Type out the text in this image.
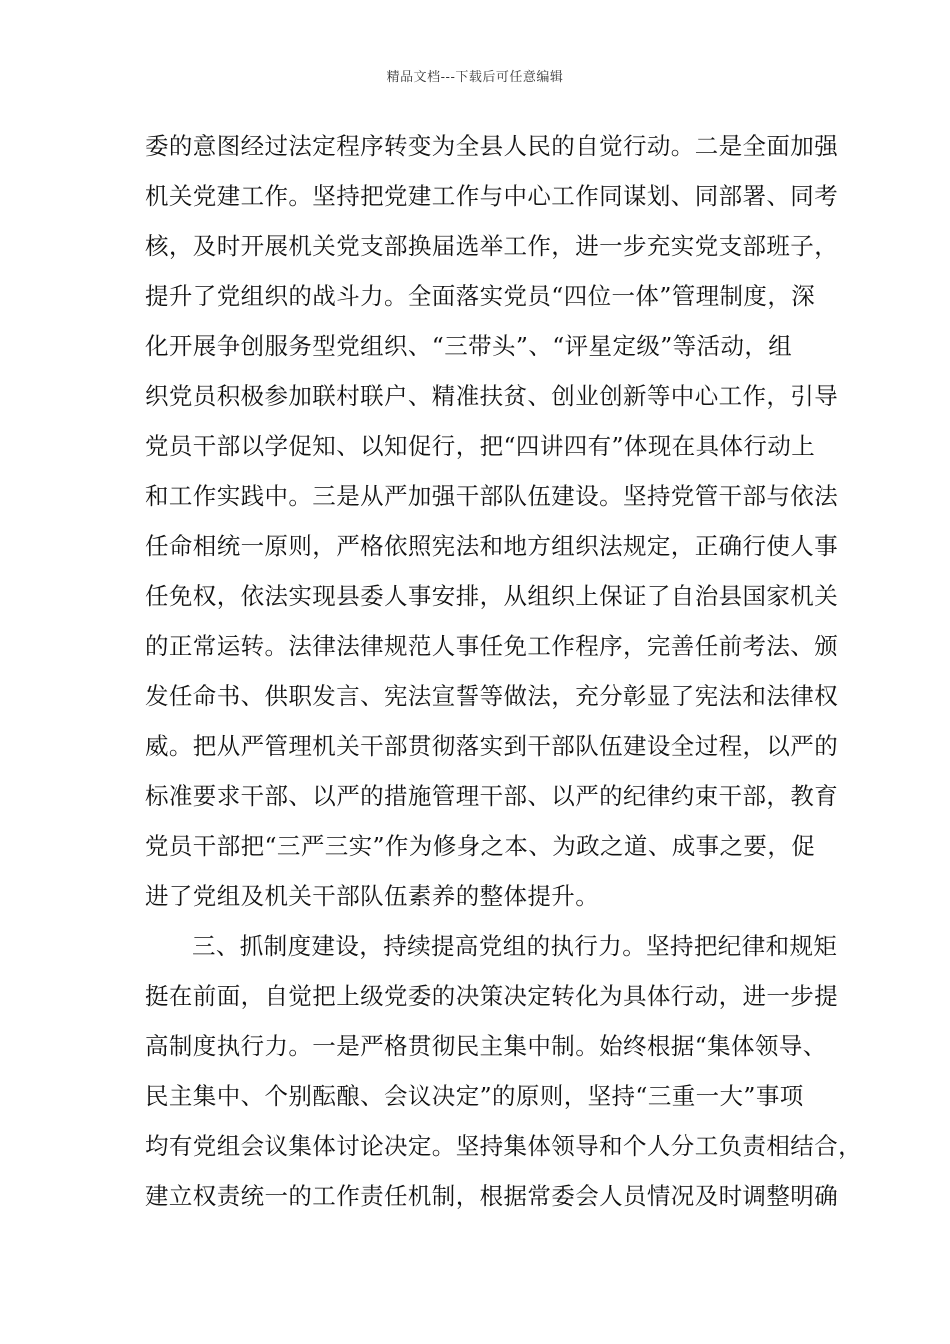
精品文档---下载后可任意编辑
委的意图经过法定程序转变为全县人民的自觉行动。二是全面加强
机关党建工作。坚持把党建工作与中心工作同谋划、同部署、同考
核，及时开展机关党支部换届选举工作，进一步充实党支部班子，
提升了党组织的战斗力。全面落实党员“四位一体”管理制度，深
化开展争创服务型党组织、“三带头”、“评星定级”等活动，组
织党员积极参加联村联户、精准扶贫、创业创新等中心工作，引导
党员干部以学促知、以知促行，把“四讲四有”体现在具体行动上
和工作实践中。三是从严加强干部队伍建设。坚持党管干部与依法
任命相统一原则，严格依照宪法和地方组织法规定，正确行使人事
任免权，依法实现县委人事安排，从组织上保证了自治县国家机关
的正常运转。法律法律规范人事任免工作程序，完善任前考法、颁
发任命书、供职发言、宪法宣誓等做法，充分彰显了宪法和法律权
威。把从严管理机关干部贯彻落实到干部队伍建设全过程，以严的
标准要求干部、以严的措施管理干部、以严的纪律约束干部，教育
党员干部把“三严三实”作为修身之本、为政之道、成事之要，促
进了党组及机关干部队伍素养的整体提升。
三、抓制度建设，持续提高党组的执行力。坚持把纪律和规矩
挺在前面，自觉把上级党委的决策决定转化为具体行动，进一步提
高制度执行力。一是严格贯彻民主集中制。始终根据“集体领导、
民主集中、个别酝酿、会议决定”的原则，坚持“三重一大”事项
均有党组会议集体讨论决定。坚持集体领导和个人分工负责相结合，
建立权责统一的工作责任机制，根据常委会人员情况及时调整明确
